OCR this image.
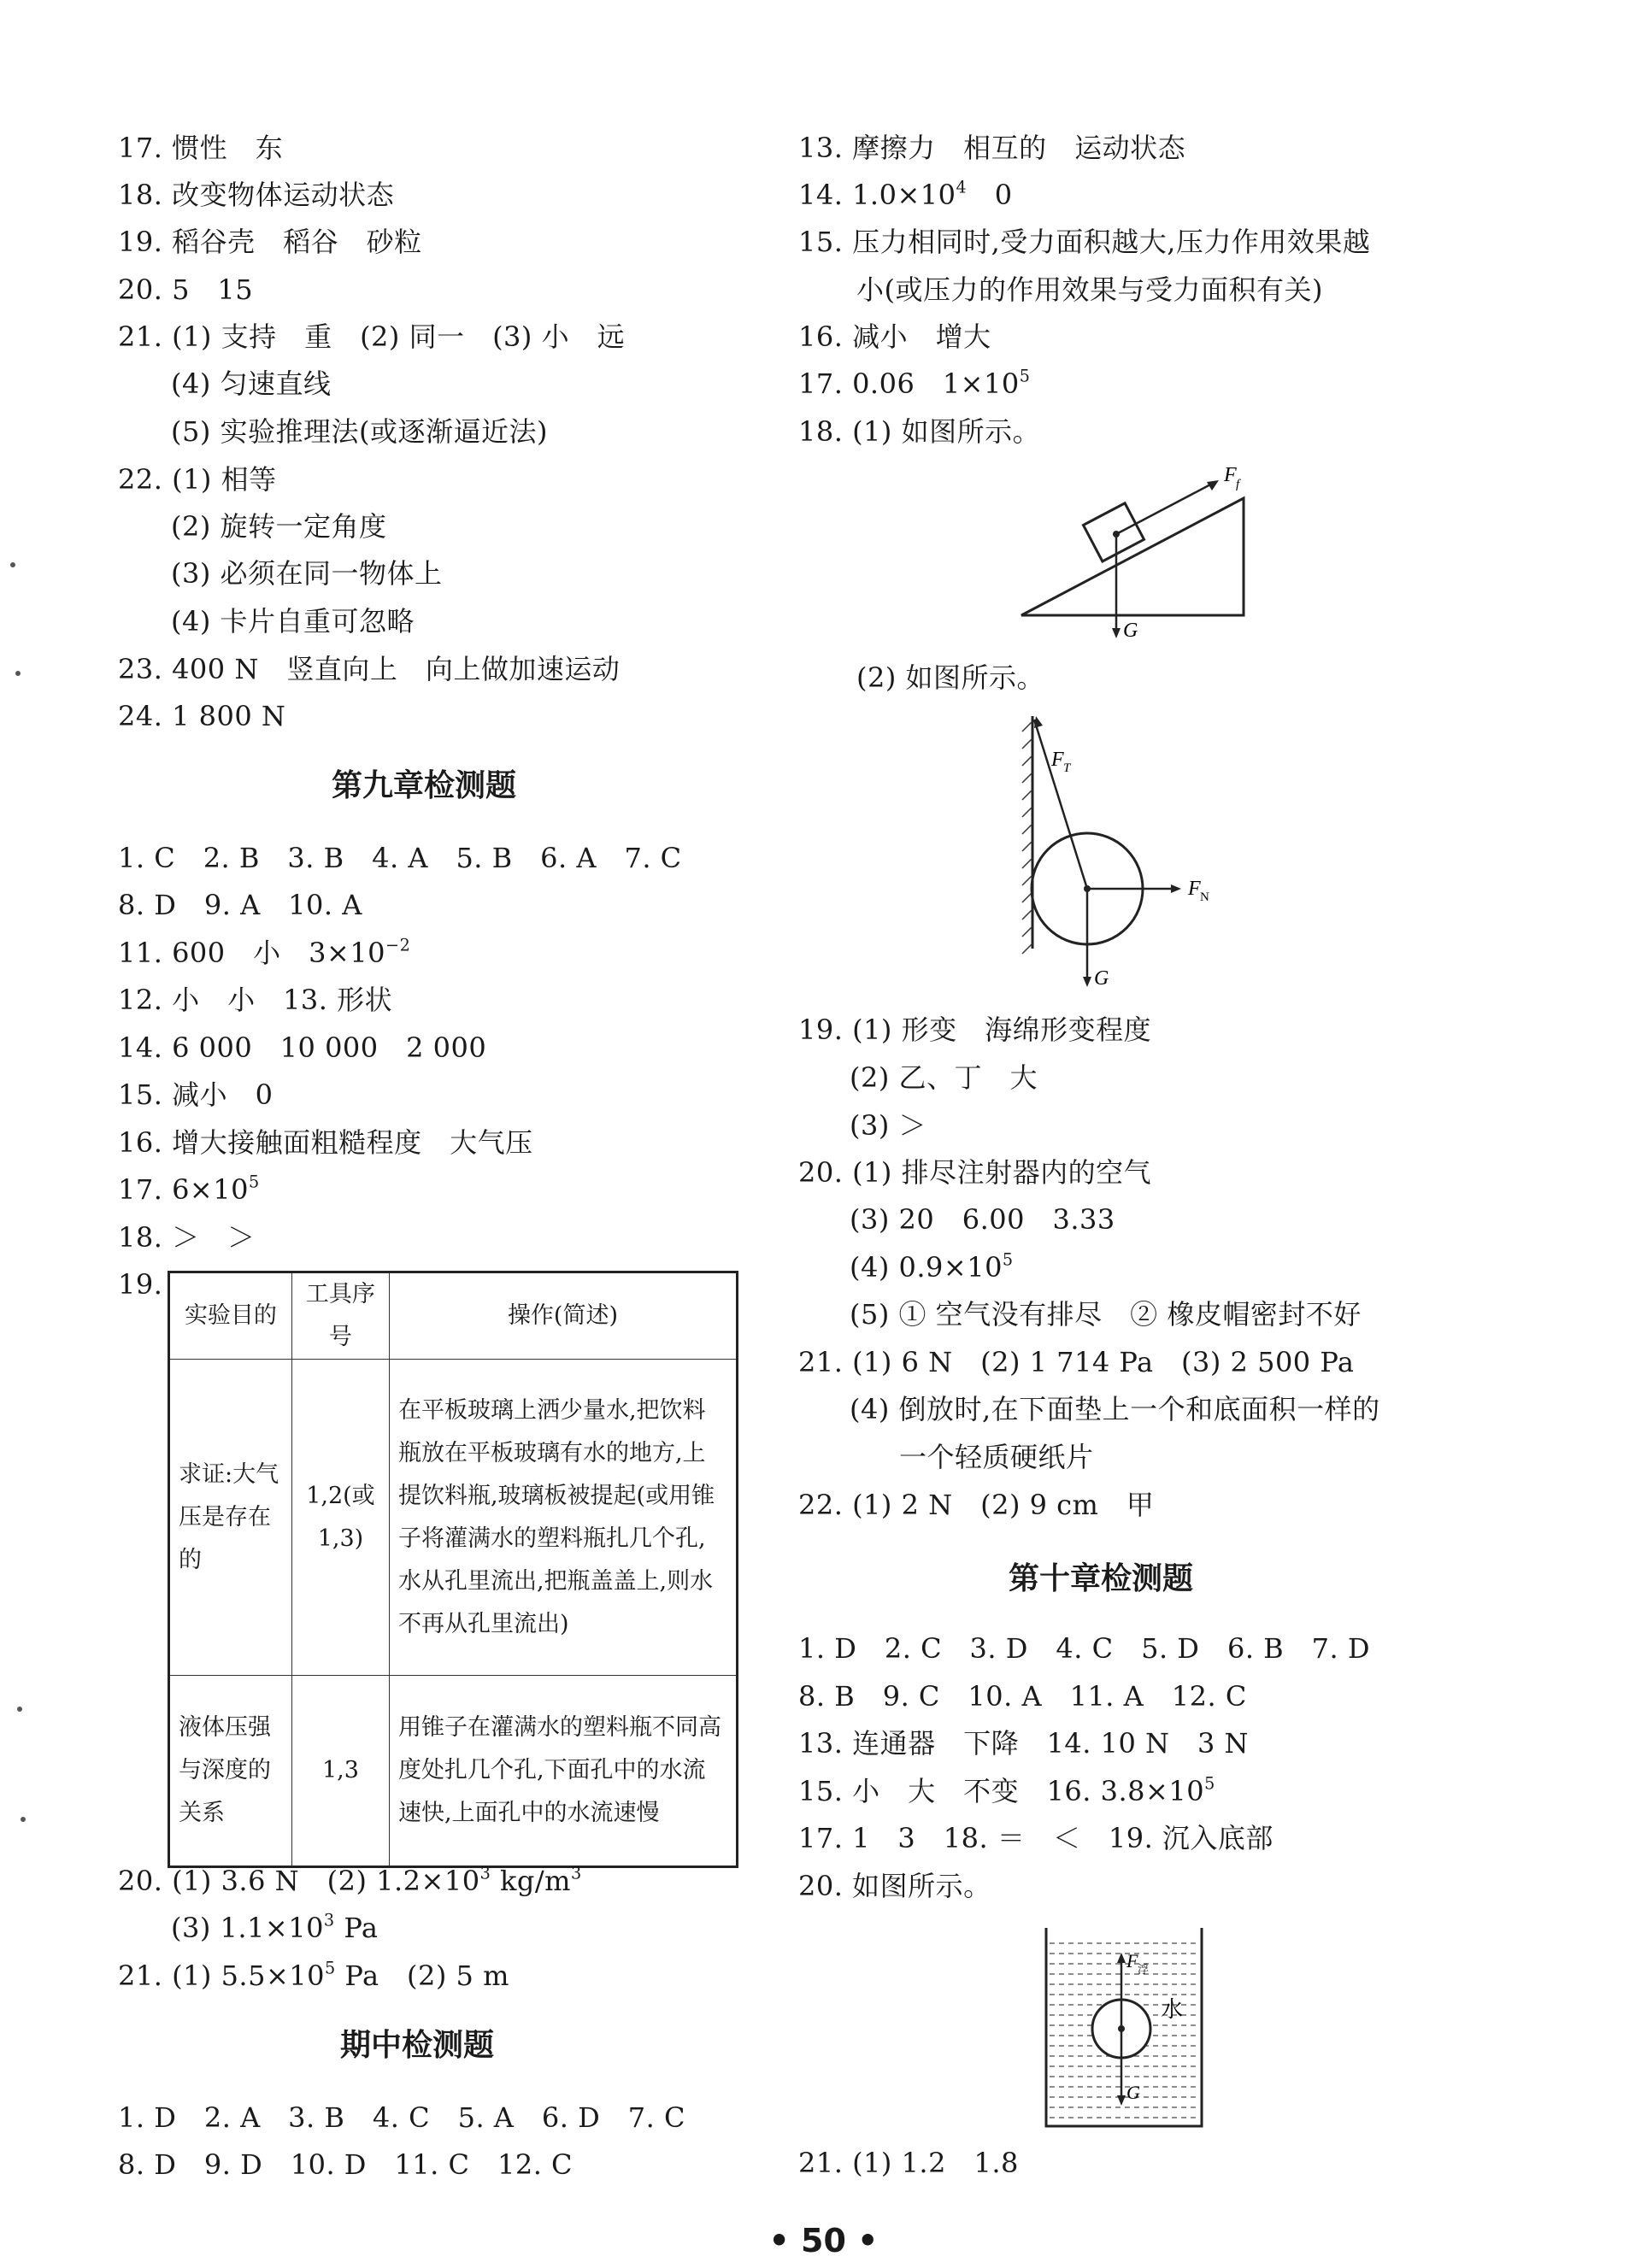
17. 惯性　东
18. 改变物体运动状态
19. 稻谷壳　稻谷　砂粒
20. 5　15
21. (1) 支持　重　(2) 同一　(3) 小　远
(4) 匀速直线
(5) 实验推理法(或逐渐逼近法)
22. (1) 相等
(2) 旋转一定角度
(3) 必须在同一物体上
(4) 卡片自重可忽略
23. 400 N　竖直向上　向上做加速运动
24. 1 800 N
第九章检测题
1. C　2. B　3. B　4. A　5. B　6. A　7. C
8. D　9. A　10. A
11. 600　小　$3\times 10^{-2}$
12. 小　小　13. 形状
14. 6 000　10 000　2 000
15. 减小　0
16. 增大接触面粗糙程度　大气压
17. $6\times 10^5$
18. ＞　＞
19.
实验目的	工具序号	操作(简述)
求证:大气压是存在的	1,2(或1,3)	在平板玻璃上洒少量水,把饮料瓶放在平板玻璃有水的地方,上提饮料瓶,玻璃板被提起(或用锥子将灌满水的塑料瓶扎几个孔,水从孔里流出,把瓶盖盖上,则水不再从孔里流出)
液体压强与深度的关系	1,3	用锥子在灌满水的塑料瓶不同高度处扎几个孔,下面孔中的水流速快,上面孔中的水流速慢
20. (1) 3.6 N　(2) $1.2\times 10^3$ $kg/m^3$
(3) $1.1\times 10^3$ Pa
21. (1) $5.5\times 10^5$ Pa　(2) 5 m
期中检测题
1. D　2. A　3. B　4. C　5. A　6. D　7. C
8. D　9. D　10. D　11. C　12. C
13. 摩擦力　相互的　运动状态
14. $1.0\times 10^4$　0
15. 压力相同时,受力面积越大,压力作用效果越
小(或压力的作用效果与受力面积有关)
16. 减小　增大
17. 0.06　$1\times 10^5$
18. (1) 如图所示。
F f
G
(2) 如图所示。
F T
F N
G
19. (1) 形变　海绵形变程度
(2) 乙、丁　大
(3) ＞
20. (1) 排尽注射器内的空气
(3) 20　6.00　3.33
(4) $0.9\times 10^5$
(5) ① 空气没有排尽　② 橡皮帽密封不好
21. (1) 6 N　(2) 1 714 Pa　(3) 2 500 Pa
(4) 倒放时,在下面垫上一个和底面积一样的
一个轻质硬纸片
22. (1) 2 N　(2) 9 cm　甲
第十章检测题
1. D　2. C　3. D　4. C　5. D　6. B　7. D
8. B　9. C　10. A　11. A　12. C
13. 连通器　下降　14. 10 N　3 N
15. 小　大　不变　16. $3.8\times 10^5$
17. 1　3　18. ＝　＜　19. 沉入底部
20. 如图所示。
F 浮
水
G
21. (1) 1.2　1.8
• 50 •
